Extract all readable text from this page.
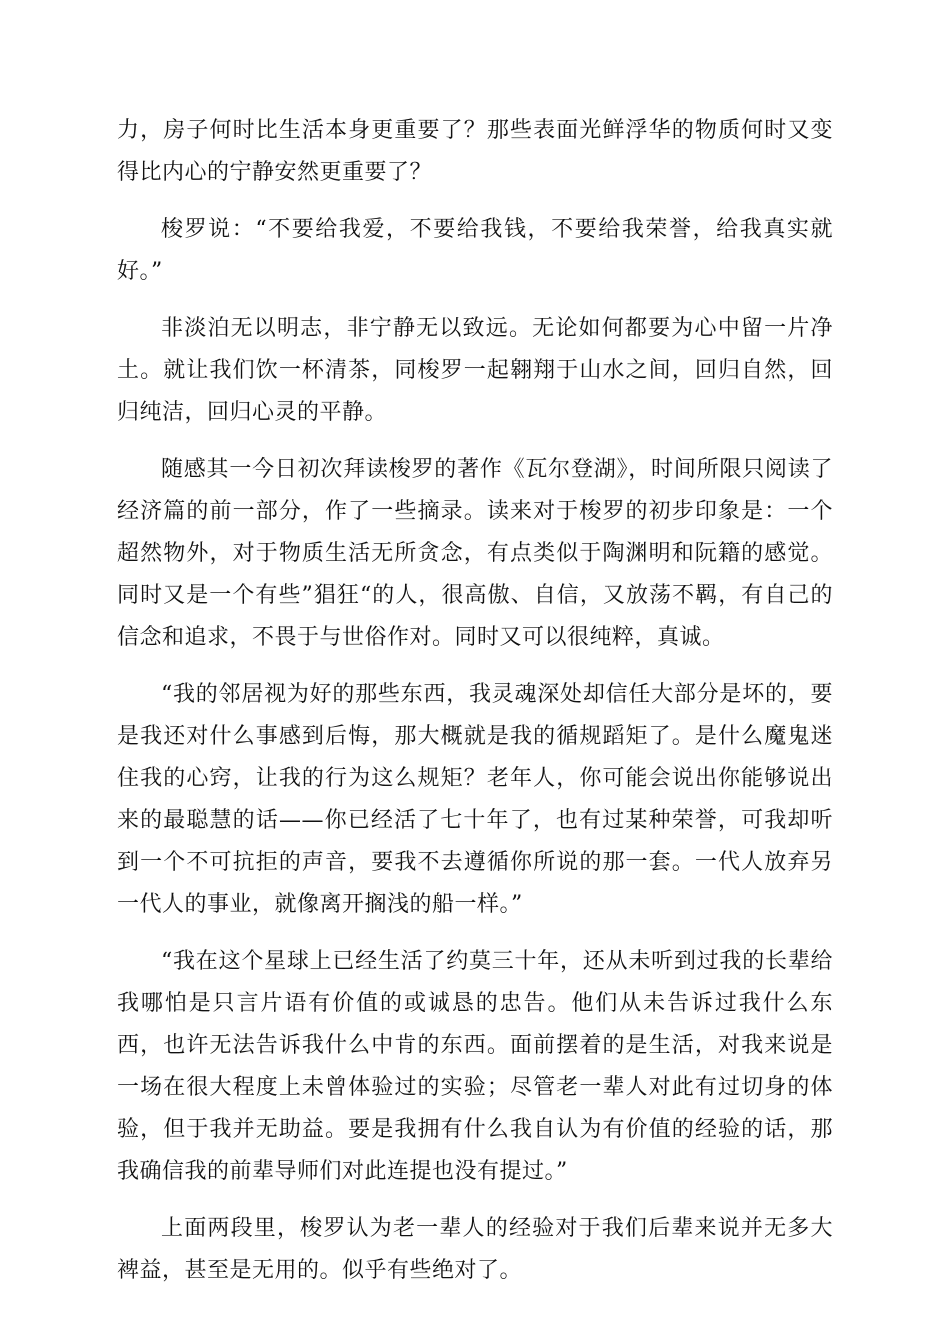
力，房子何时比生活本身更重要了？那些表面光鲜浮华的物质何时又变得比内心的宁静安然更重要了？

梭罗说：“不要给我爱，不要给我钱，不要给我荣誉，给我真实就好。”

非淡泊无以明志，非宁静无以致远。无论如何都要为心中留一片净土。就让我们饮一杯清茶，同梭罗一起翱翔于山水之间，回归自然，回归纯洁，回归心灵的平静。

随感其一今日初次拜读梭罗的著作《瓦尔登湖》，时间所限只阅读了经济篇的前一部分，作了一些摘录。读来对于梭罗的初步印象是：一个超然物外，对于物质生活无所贪念，有点类似于陶渊明和阮籍的感觉。同时又是一个有些”猖狂“的人，很高傲、自信，又放荡不羁，有自己的信念和追求，不畏于与世俗作对。同时又可以很纯粹，真诚。

“我的邻居视为好的那些东西，我灵魂深处却信任大部分是坏的，要是我还对什么事感到后悔，那大概就是我的循规蹈矩了。是什么魔鬼迷住我的心窍，让我的行为这么规矩？老年人，你可能会说出你能够说出来的最聪慧的话——你已经活了七十年了，也有过某种荣誉，可我却听到一个不可抗拒的声音，要我不去遵循你所说的那一套。一代人放弃另一代人的事业，就像离开搁浅的船一样。”

“我在这个星球上已经生活了约莫三十年，还从未听到过我的长辈给我哪怕是只言片语有价值的或诚恳的忠告。他们从未告诉过我什么东西，也许无法告诉我什么中肯的东西。面前摆着的是生活，对我来说是一场在很大程度上未曾体验过的实验；尽管老一辈人对此有过切身的体验，但于我并无助益。要是我拥有什么我自认为有价值的经验的话，那我确信我的前辈导师们对此连提也没有提过。”

上面两段里，梭罗认为老一辈人的经验对于我们后辈来说并无多大裨益，甚至是无用的。似乎有些绝对了。
